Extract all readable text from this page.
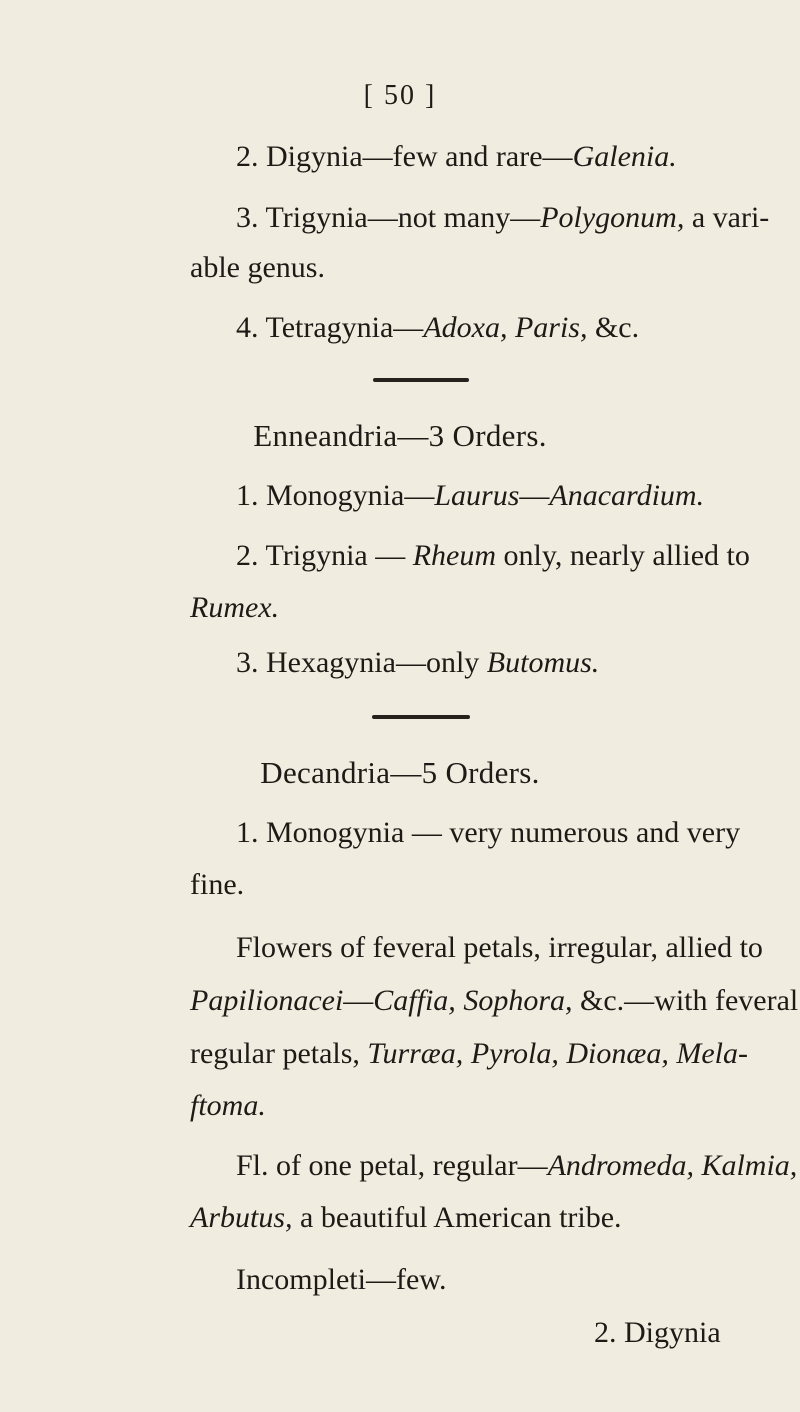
[ 50 ]
2. Digynia—few and rare—Galenia.
3. Trigynia—not many—Polygonum, a vari-
able genus.
4. Tetragynia—Adoxa, Paris, &c.
Enneandria—3 Orders.
1. Monogynia—Laurus—Anacardium.
2. Trigynia — Rheum only, nearly allied to
Rumex.
3. Hexagynia—only Butomus.
Decandria—5 Orders.
1. Monogynia — very numerous and very
fine.
Flowers of feveral petals, irregular, allied to
Papilionacei—Caffia, Sophora, &c.—with feveral
regular petals, Turræa, Pyrola, Dionæa, Mela-
ftoma.
Fl. of one petal, regular—Andromeda, Kalmia,
Arbutus, a beautiful American tribe.
Incompleti—few.
2. Digynia
